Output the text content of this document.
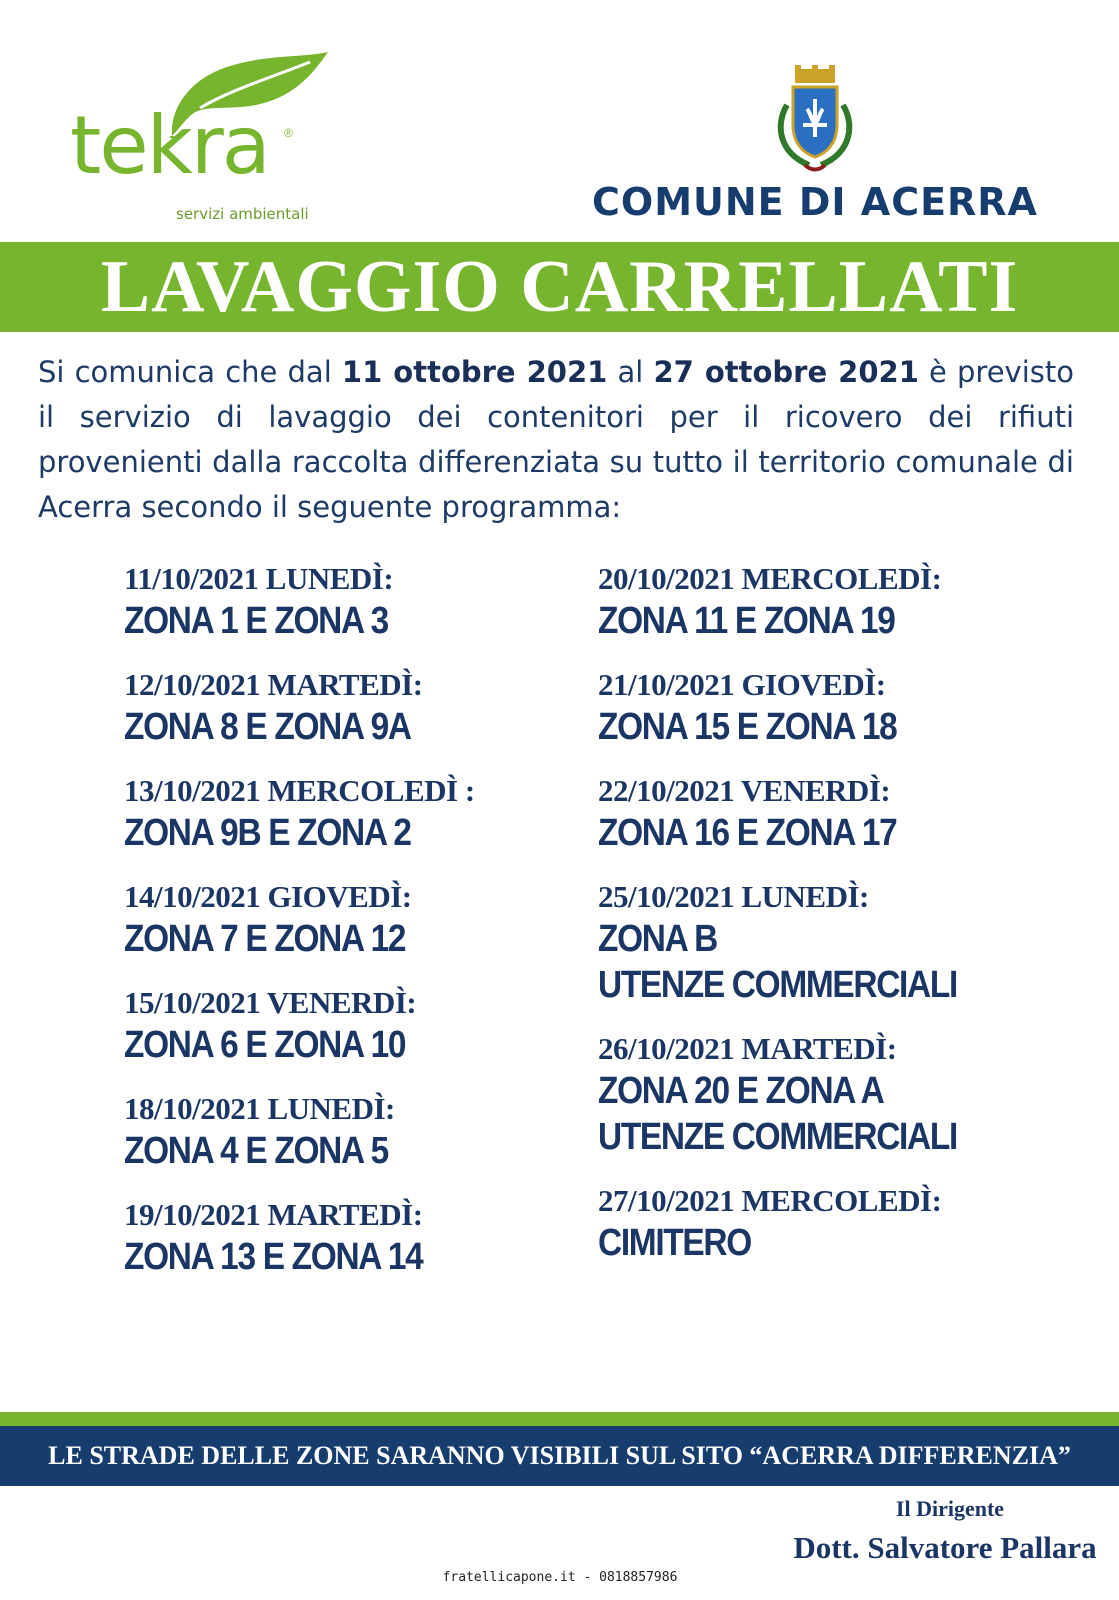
tekra ®
servizi ambientali	COMUNE DI ACERRA
LAVAGGIO CARRELLATI
Si comunica che dal 11 ottobre 2021 al 27 ottobre 2021 è previsto il servizio di lavaggio dei contenitori per il ricovero dei rifiuti provenienti dalla raccolta differenziata su tutto il territorio comunale di Acerra secondo il seguente programma:
11/10/2021 LUNEDÌ:
ZONA 1 E ZONA 3
12/10/2021 MARTEDÌ:
ZONA 8 E ZONA 9A
13/10/2021 MERCOLEDÌ :
ZONA 9B E ZONA 2
14/10/2021 GIOVEDÌ:
ZONA 7 E ZONA 12
15/10/2021 VENERDÌ:
ZONA 6 E ZONA 10
18/10/2021 LUNEDÌ:
ZONA 4 E ZONA 5
19/10/2021 MARTEDÌ:
ZONA 13 E ZONA 14
20/10/2021 MERCOLEDÌ:
ZONA 11 E ZONA 19
21/10/2021 GIOVEDÌ:
ZONA 15 E ZONA 18
22/10/2021 VENERDÌ:
ZONA 16 E ZONA 17
25/10/2021 LUNEDÌ:
ZONA B
UTENZE COMMERCIALI
26/10/2021 MARTEDÌ:
ZONA 20 E ZONA A
UTENZE COMMERCIALI
27/10/2021 MERCOLEDÌ:
CIMITERO
LE STRADE DELLE ZONE SARANNO VISIBILI SUL SITO “ACERRA DIFFERENZIA”
Il Dirigente
Dott. Salvatore Pallara
fratellicapone.it - 0818857986
